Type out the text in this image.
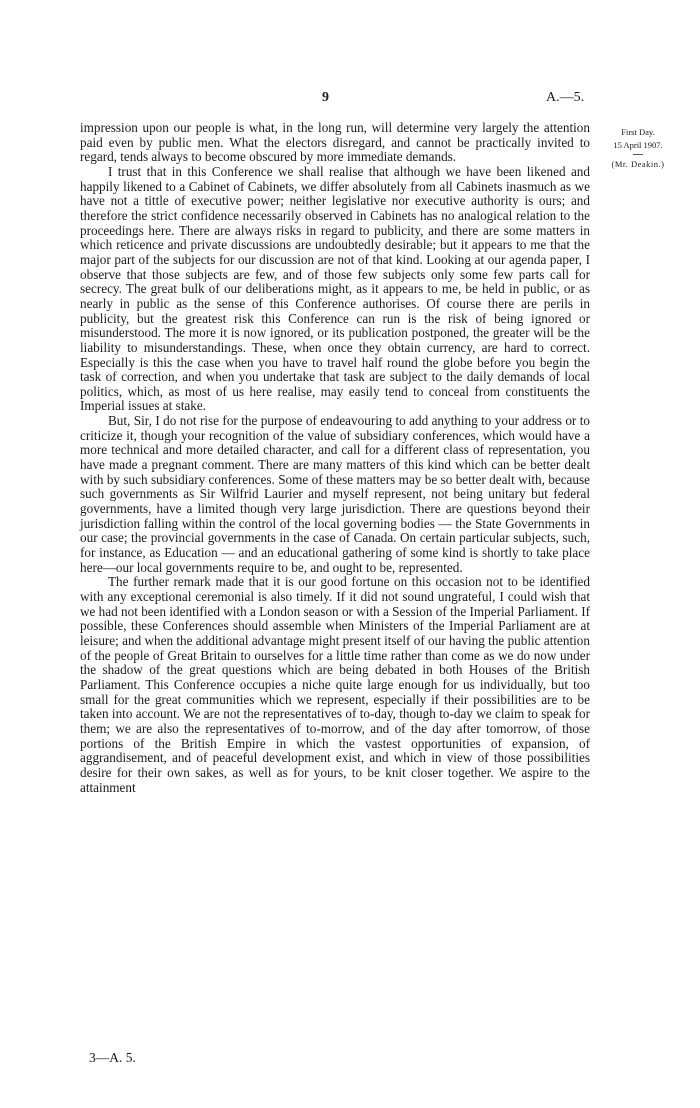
9	A.—5.
First Day.
15 April 1907.
(Mr. Deakin.)

impression upon our people is what, in the long run, will determine very largely the attention paid even by public men. What the electors disregard, and cannot be practically invited to regard, tends always to become obscured by more immediate demands.

I trust that in this Conference we shall realise that although we have been likened and happily likened to a Cabinet of Cabinets, we differ absolutely from all Cabinets inasmuch as we have not a tittle of executive power; neither legislative nor executive authority is ours; and therefore the strict confidence necessarily observed in Cabinets has no analogical relation to the proceedings here. There are always risks in regard to publicity, and there are some matters in which reticence and private discussions are undoubtedly desirable; but it appears to me that the major part of the subjects for our discussion are not of that kind. Looking at our agenda paper, I observe that those subjects are few, and of those few subjects only some few parts call for secrecy. The great bulk of our deliberations might, as it appears to me, be held in public, or as nearly in public as the sense of this Conference authorises. Of course there are perils in publicity, but the greatest risk this Conference can run is the risk of being ignored or misunderstood. The more it is now ignored, or its publication postponed, the greater will be the liability to misunderstandings. These, when once they obtain currency, are hard to correct. Especially is this the case when you have to travel half round the globe before you begin the task of correction, and when you undertake that task are subject to the daily demands of local politics, which, as most of us here realise, may easily tend to conceal from constituents the Imperial issues at stake.

But, Sir, I do not rise for the purpose of endeavouring to add anything to your address or to criticize it, though your recognition of the value of subsidiary conferences, which would have a more technical and more detailed character, and call for a different class of representation, you have made a pregnant comment. There are many matters of this kind which can be better dealt with by such subsidiary conferences. Some of these matters may be so better dealt with, because such governments as Sir Wilfrid Laurier and myself represent, not being unitary but federal governments, have a limited though very large jurisdiction. There are questions beyond their jurisdiction falling within the control of the local governing bodies — the State Governments in our case; the provincial governments in the case of Canada. On certain particular subjects, such, for instance, as Education — and an educational gathering of some kind is shortly to take place here—our local governments require to be, and ought to be, represented.

The further remark made that it is our good fortune on this occasion not to be identified with any exceptional ceremonial is also timely. If it did not sound ungrateful, I could wish that we had not been identified with a London season or with a Session of the Imperial Parliament. If possible, these Conferences should assemble when Ministers of the Imperial Parliament are at leisure; and when the additional advantage might present itself of our having the public attention of the people of Great Britain to ourselves for a little time rather than come as we do now under the shadow of the great questions which are being debated in both Houses of the British Parliament. This Conference occupies a niche quite large enough for us individually, but too small for the great communities which we represent, especially if their possibilities are to be taken into account. We are not the representatives of to-day, though to-day we claim to speak for them; we are also the representatives of to-morrow, and of the day after tomorrow, of those portions of the British Empire in which the vastest opportunities of expansion, of aggrandisement, and of peaceful development exist, and which in view of those possibilities desire for their own sakes, as well as for yours, to be knit closer together. We aspire to the attainment

3—A. 5.
